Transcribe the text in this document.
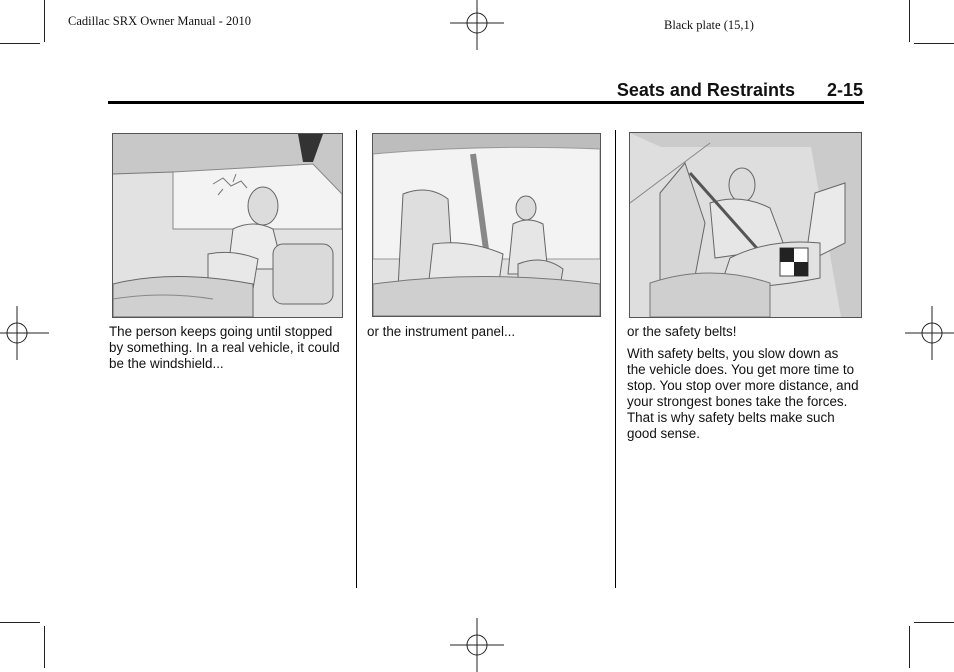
Cadillac SRX Owner Manual - 2010	Black plate (15,1)
Seats and Restraints 2-15

The person keeps going until stopped by something. In a real vehicle, it could be the windshield...

or the instrument panel...	or the safety belts!

With safety belts, you slow down as the vehicle does. You get more time to stop. You stop over more distance, and your strongest bones take the forces. That is why safety belts make such good sense.
